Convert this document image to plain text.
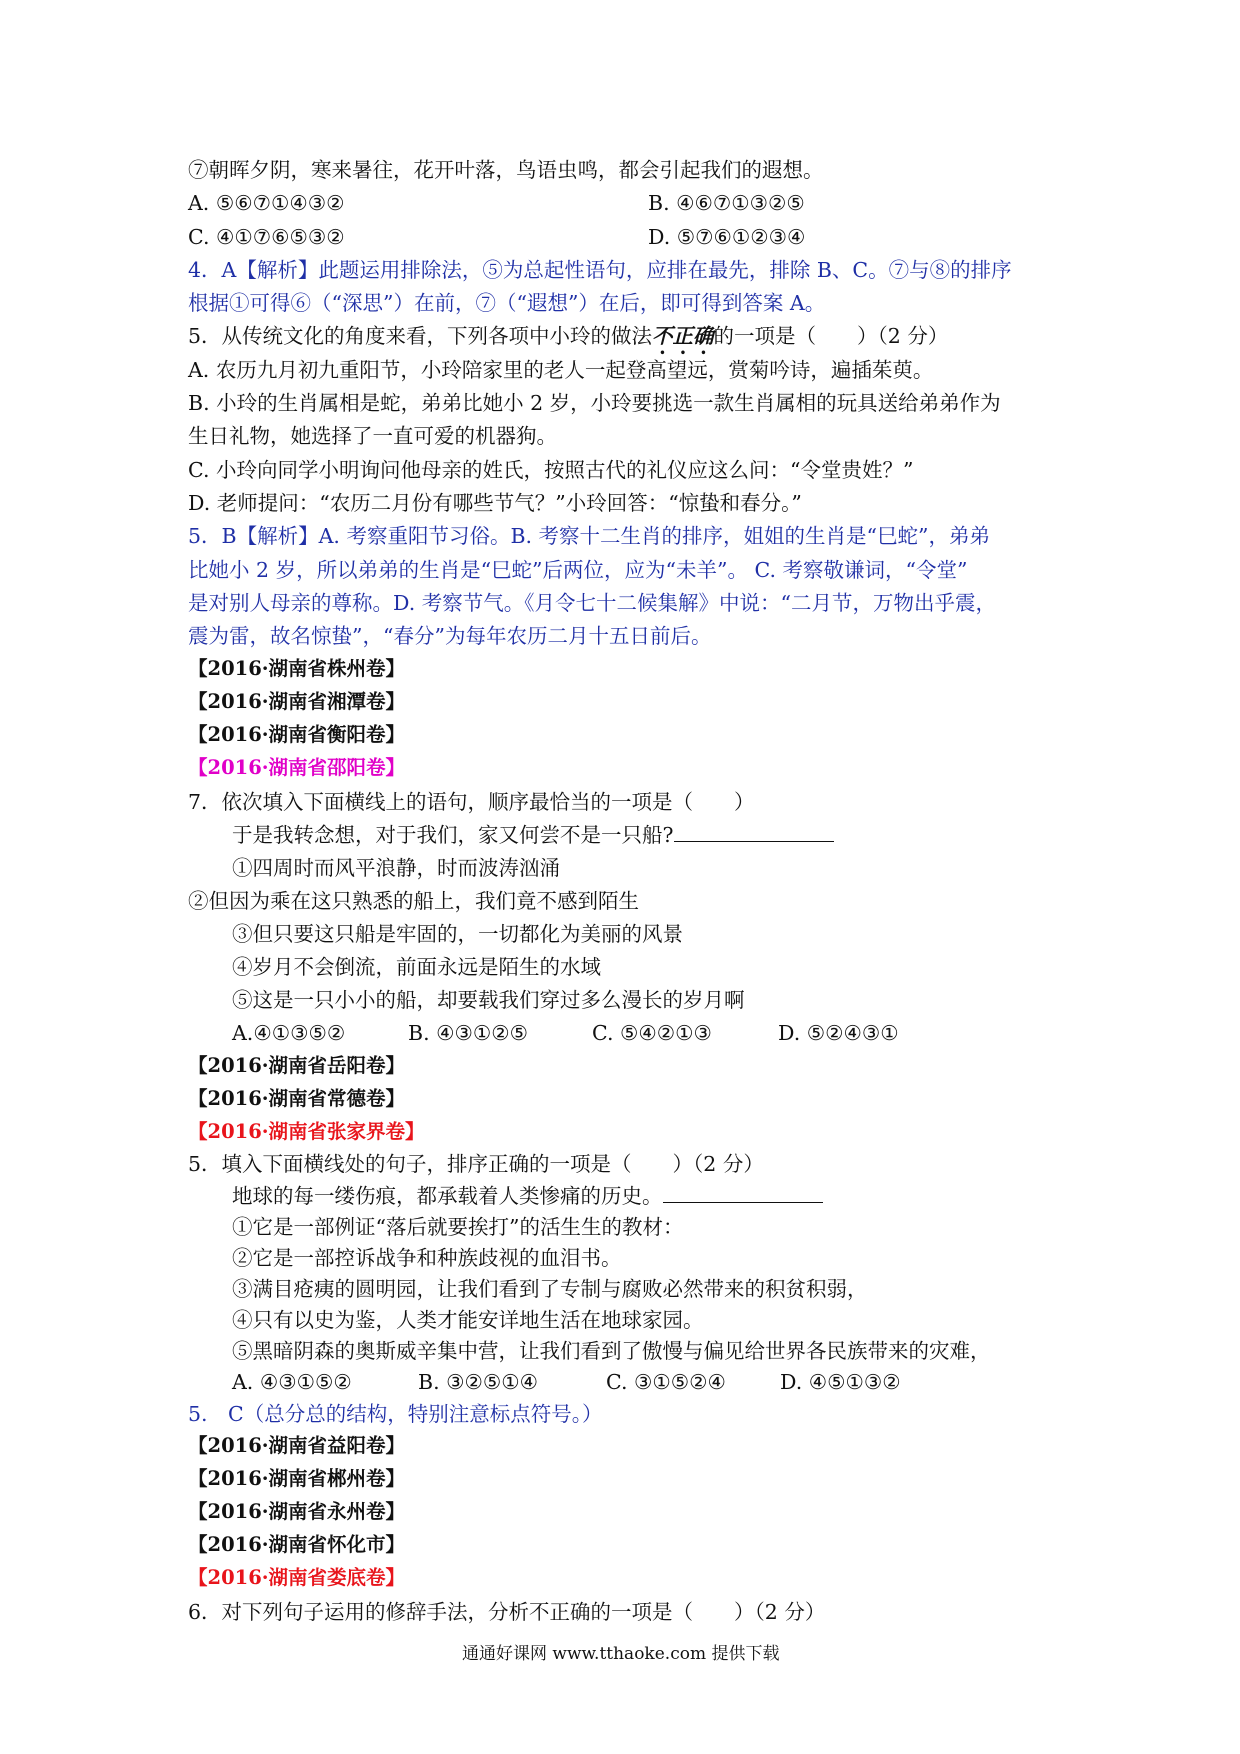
⑦朝晖夕阴，寒来暑往，花开叶落，鸟语虫鸣，都会引起我们的遐想。
A. ⑤⑥⑦①④③②	B. ④⑥⑦①③②⑤
C. ④①⑦⑥⑤③②	D. ⑤⑦⑥①②③④
4．A【解析】此题运用排除法，⑤为总起性语句，应排在最先，排除 B、C。⑦与⑧的排序
根据①可得⑥（“深思”）在前，⑦（“遐想”）在后，即可得到答案 A。
5．从传统文化的角度来看，下列各项中小玲的做法不正确的一项是（　　）（2 分）
A. 农历九月初九重阳节，小玲陪家里的老人一起登高望远，赏菊吟诗，遍插茱萸。
B. 小玲的生肖属相是蛇，弟弟比她小 2 岁，小玲要挑选一款生肖属相的玩具送给弟弟作为
生日礼物，她选择了一直可爱的机器狗。
C. 小玲向同学小明询问他母亲的姓氏，按照古代的礼仪应这么问：“令堂贵姓？”
D. 老师提问：“农历二月份有哪些节气？”小玲回答：“惊蛰和春分。”
5．B【解析】A. 考察重阳节习俗。B. 考察十二生肖的排序，姐姐的生肖是“巳蛇”，弟弟
比她小 2 岁，所以弟弟的生肖是“巳蛇”后两位，应为“未羊”。 C. 考察敬谦词，“令堂”
是对别人母亲的尊称。D. 考察节气。《月令七十二候集解》中说：“二月节，万物出乎震，
震为雷，故名惊蛰”，“春分”为每年农历二月十五日前后。
【2016·湖南省株州卷】
【2016·湖南省湘潭卷】
【2016·湖南省衡阳卷】
【2016·湖南省邵阳卷】
7．依次填入下面横线上的语句，顺序最恰当的一项是（　　）
于是我转念想，对于我们，家又何尝不是一只船?
①四周时而风平浪静，时而波涛汹涌
②但因为乘在这只熟悉的船上，我们竟不感到陌生
③但只要这只船是牢固的，一切都化为美丽的风景
④岁月不会倒流，前面永远是陌生的水域
⑤这是一只小小的船，却要载我们穿过多么漫长的岁月啊
A.④①③⑤②	B. ④③①②⑤	C. ⑤④②①③	D. ⑤②④③①
【2016·湖南省岳阳卷】
【2016·湖南省常德卷】
【2016·湖南省张家界卷】
5．填入下面横线处的句子，排序正确的一项是（　　）（2 分）
地球的每一缕伤痕，都承载着人类惨痛的历史。
①它是一部例证“落后就要挨打”的活生生的教材：
②它是一部控诉战争和种族歧视的血泪书。
③满目疮痍的圆明园，让我们看到了专制与腐败必然带来的积贫积弱，
④只有以史为鉴，人类才能安详地生活在地球家园。
⑤黑暗阴森的奥斯威辛集中营，让我们看到了傲慢与偏见给世界各民族带来的灾难，
A. ④③①⑤②	B. ③②⑤①④	C. ③①⑤②④	D. ④⑤①③②
5.　C（总分总的结构，特别注意标点符号。）
【2016·湖南省益阳卷】
【2016·湖南省郴州卷】
【2016·湖南省永州卷】
【2016·湖南省怀化市】
【2016·湖南省娄底卷】
6．对下列句子运用的修辞手法，分析不正确的一项是（　　）（2 分）
通通好课网 www.tthaoke.com 提供下载
